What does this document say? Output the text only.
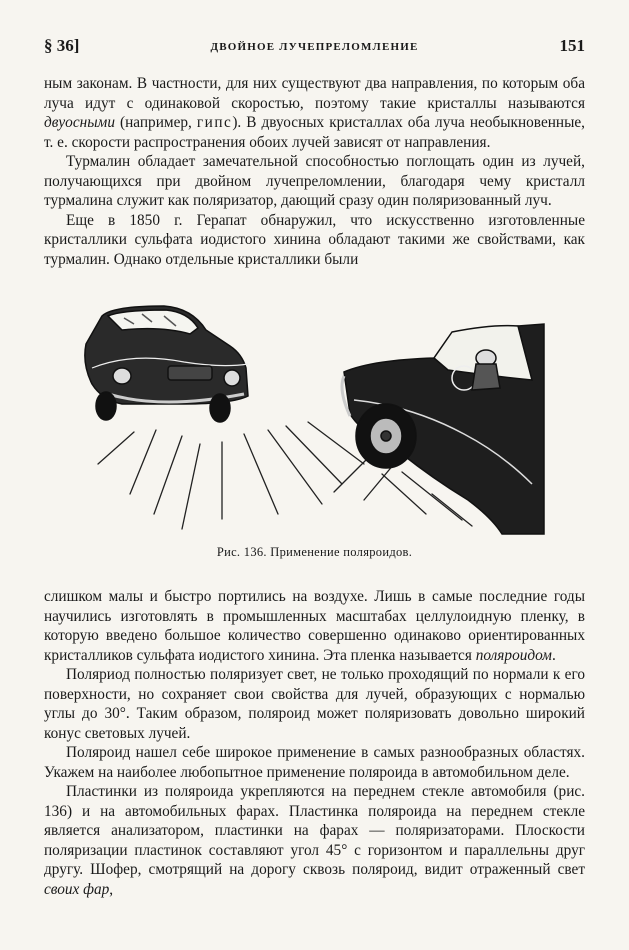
§ 36]	ДВОЙНОЕ ЛУЧЕПРЕЛОМЛЕНИЕ	151

ным законам. В частности, для них существуют два направления, по которым оба луча идут с одинаковой скоростью, поэтому такие кристаллы называются двуосными (например, гипс). В двуосных кристаллах оба луча необыкновенные, т. е. скорости распространения обоих лучей зависят от направления.

Турмалин обладает замечательной способностью поглощать один из лучей, получающихся при двойном лучепреломлении, благодаря чему кристалл турмалина служит как поляризатор, дающий сразу один поляризованный луч.

Еще в 1850 г. Герапат обнаружил, что искусственно изготовленные кристаллики сульфата иодистого хинина обладают такими же свойствами, как турмалин. Однако отдельные кристаллики были

Рис. 136. Применение поляроидов.

слишком малы и быстро портились на воздухе. Лишь в самые последние годы научились изготовлять в промышленных масштабах целлулоидную пленку, в которую введено большое количество совершенно одинаково ориентированных кристалликов сульфата иодистого хинина. Эта пленка называется поляроидом.

Поляриод полностью поляризует свет, не только проходящий по нормали к его поверхности, но сохраняет свои свойства для лучей, образующих с нормалью углы до 30°. Таким образом, поляроид может поляризовать довольно широкий конус световых лучей.

Поляроид нашел себе широкое применение в самых разнообразных областях. Укажем на наиболее любопытное применение поляроида в автомобильном деле.

Пластинки из поляроида укрепляются на переднем стекле автомобиля (рис. 136) и на автомобильных фарах. Пластинка поляроида на переднем стекле является анализатором, пластинки на фарах — поляризаторами. Плоскости поляризации пластинок составляют угол 45° с горизонтом и параллельны друг другу. Шофер, смотрящий на дорогу сквозь поляроид, видит отраженный свет своих фар,
